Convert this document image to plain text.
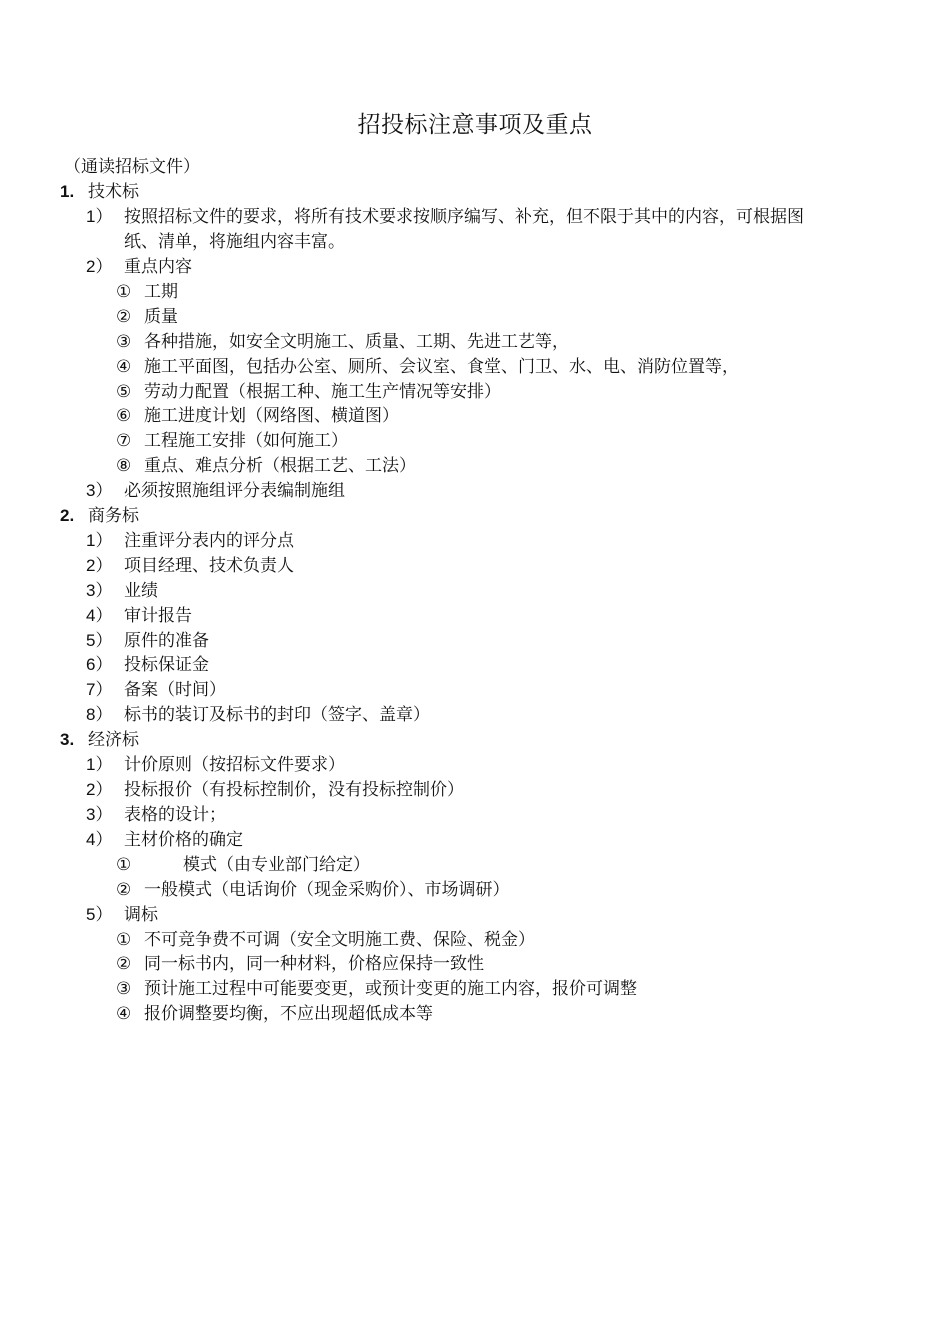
招投标注意事项及重点
（通读招标文件）
1. 技术标
1） 按照招标文件的要求，将所有技术要求按顺序编写、补充，但不限于其中的内容，可根据图
纸、清单，将施组内容丰富。
2） 重点内容
① 工期
② 质量
③ 各种措施，如安全文明施工、质量、工期、先进工艺等，
④ 施工平面图，包括办公室、厕所、会议室、食堂、门卫、水、电、消防位置等，
⑤ 劳动力配置（根据工种、施工生产情况等安排）
⑥ 施工进度计划（网络图、横道图）
⑦ 工程施工安排（如何施工）
⑧ 重点、难点分析（根据工艺、工法）
3） 必须按照施组评分表编制施组
2. 商务标
1） 注重评分表内的评分点
2） 项目经理、技术负责人
3） 业绩
4） 审计报告
5） 原件的准备
6） 投标保证金
7） 备案（时间）
8） 标书的装订及标书的封印（签字、盖章）
3. 经济标
1） 计价原则（按招标文件要求）
2） 投标报价（有投标控制价，没有投标控制价）
3） 表格的设计；
4） 主材价格的确定
①	模式（由专业部门给定）
② 一般模式（电话询价（现金采购价）、市场调研）
5） 调标
① 不可竞争费不可调（安全文明施工费、保险、税金）
② 同一标书内，同一种材料，价格应保持一致性
③ 预计施工过程中可能要变更，或预计变更的施工内容，报价可调整
④ 报价调整要均衡，不应出现超低成本等
